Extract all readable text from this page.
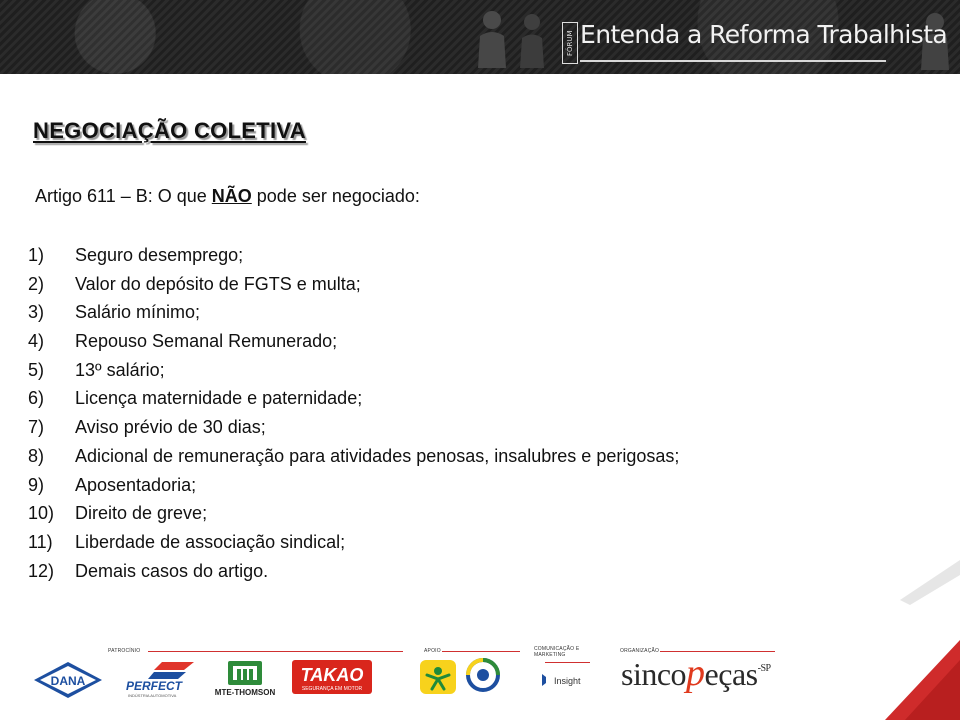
FÓRUM Entenda a Reforma Trabalhista
NEGOCIAÇÃO COLETIVA
Artigo 611 – B: O que NÃO pode ser negociado:
1)	Seguro desemprego;
2)	Valor do depósito de FGTS e multa;
3)	Salário mínimo;
4)	Repouso Semanal Remunerado;
5)	13º salário;
6)	Licença maternidade e paternidade;
7)	Aviso prévio de 30 dias;
8)	Adicional de remuneração para atividades penosas, insalubres e perigosas;
9)	Aposentadoria;
10)	Direito de greve;
11)	Liberdade de associação sindical;
12)	Demais casos do artigo.
PATROCÍNIO	APOIO	COMUNICAÇÃO E MARKETING
ORGANIZAÇÃO
DANA	PERFECT
INDÚSTRIA AUTOMOTIVA	MTE-THOMSON
TAKAO
SEGURANÇA EM MOTOR
Insight sincopeças$^{-SP}$
